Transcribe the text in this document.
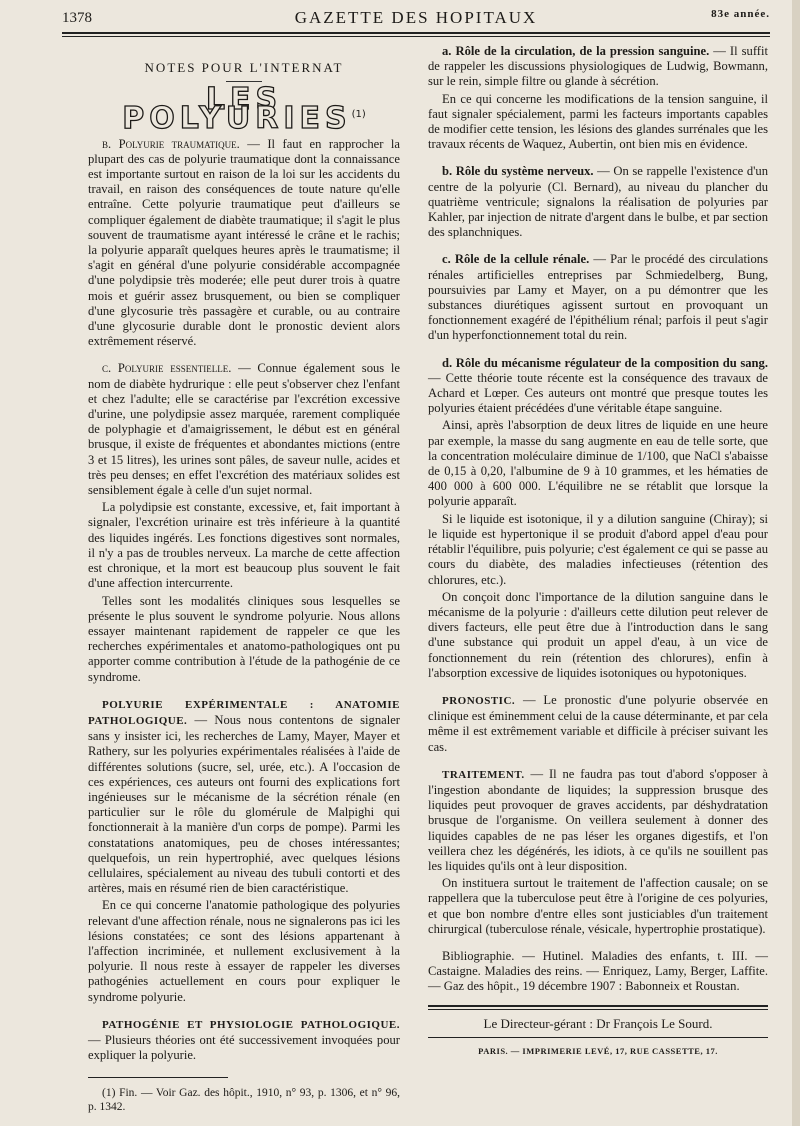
1378	GAZETTE DES HOPITAUX	83e année.
NOTES POUR L'INTERNAT
LES POLYURIES$^{(1)}$

b. Polyurie traumatique. — Il faut en rapprocher la plupart des cas de polyurie traumatique dont la connaissance est importante surtout en raison de la loi sur les accidents du travail, en raison des conséquences de toute nature qu'elle entraîne. Cette polyurie traumatique peut d'ailleurs se compliquer également de diabète traumatique; il s'agit le plus souvent de traumatisme ayant intéressé le crâne et le rachis; la polyurie apparaît quelques heures après le traumatisme; il s'agit en général d'une polyurie considérable accompagnée d'une polydipsie très moderée; elle peut durer trois à quatre mois et guérir assez brusquement, ou bien se compliquer d'une glycosurie très passagère et curable, ou au contraire d'une glycosurie durable dont le pronostic devient alors extrêmement réservé.

c. Polyurie essentielle. — Connue également sous le nom de diabète hydrurique : elle peut s'observer chez l'enfant et chez l'adulte; elle se caractérise par l'excrétion excessive d'urine, une polydipsie assez marquée, rarement compliquée de polyphagie et d'amaigrissement, le début est en général brusque, il existe de fréquentes et abondantes mictions (entre 3 et 15 litres), les urines sont pâles, de saveur nulle, acides et très peu denses; en effet l'excrétion des matériaux solides est sensiblement égale à celle d'un sujet normal.

La polydipsie est constante, excessive, et, fait important à signaler, l'excrétion urinaire est très inférieure à la quantité des liquides ingérés. Les fonctions digestives sont normales, il n'y a pas de troubles nerveux. La marche de cette affection est chronique, et la mort est beaucoup plus souvent le fait d'une affection intercurrente.

Telles sont les modalités cliniques sous lesquelles se présente le plus souvent le syndrome polyurie. Nous allons essayer maintenant rapidement de rappeler ce que les recherches expérimentales et anatomo-pathologiques ont pu apporter comme contribution à l'étude de la pathogénie de ce syndrome.

POLYURIE EXPÉRIMENTALE : ANATOMIE PATHOLOGIQUE. — Nous nous contentons de signaler sans y insister ici, les recherches de Lamy, Mayer, Mayer et Rathery, sur les polyuries expérimentales réalisées à l'aide de différentes solutions (sucre, sel, urée, etc.). A l'occasion de ces expériences, ces auteurs ont fourni des explications fort ingénieuses sur le mécanisme de la sécrétion rénale (en particulier sur le rôle du glomérule de Malpighi qui fonctionnerait à la manière d'un corps de pompe). Parmi les constatations anatomiques, peu de choses intéressantes; quelquefois, un rein hypertrophié, avec quelques lésions cellulaires, spécialement au niveau des tubuli contorti et des artères, mais en résumé rien de bien caractéristique.

En ce qui concerne l'anatomie pathologique des polyuries relevant d'une affection rénale, nous ne signalerons pas ici les lésions constatées; ce sont des lésions appartenant à l'affection incriminée, et nullement exclusivement à la polyurie. Il nous reste à essayer de rappeler les diverses pathogénies actuellement en cours pour expliquer le syndrome polyurie.

PATHOGÉNIE ET PHYSIOLOGIE PATHOLOGIQUE. — Plusieurs théories ont été successivement invoquées pour expliquer la polyurie.

(1) Fin. — Voir Gaz. des hôpit., 1910, n° 93, p. 1306, et n° 96, p. 1342.

a. Rôle de la circulation, de la pression sanguine. — Il suffit de rappeler les discussions physiologiques de Ludwig, Bowmann, sur le rein, simple filtre ou glande à sécrétion.

En ce qui concerne les modifications de la tension sanguine, il faut signaler spécialement, parmi les facteurs importants capables de modifier cette tension, les lésions des glandes surrénales que les travaux récents de Waquez, Aubertin, ont bien mis en évidence.

b. Rôle du système nerveux. — On se rappelle l'existence d'un centre de la polyurie (Cl. Bernard), au niveau du plancher du quatrième ventricule; signalons la réalisation de polyuries par Kahler, par injection de nitrate d'argent dans le bulbe, et par section des splanchniques.

c. Rôle de la cellule rénale. — Par le procédé des circulations rénales artificielles entreprises par Schmiedelberg, Bung, poursuivies par Lamy et Mayer, on a pu démontrer que les substances diurétiques agissent surtout en provoquant un fonctionnement exagéré de l'épithélium rénal; parfois il peut s'agir d'un hyperfonctionnement total du rein.

d. Rôle du mécanisme régulateur de la composition du sang. — Cette théorie toute récente est la conséquence des travaux de Achard et Lœper. Ces auteurs ont montré que presque toutes les polyuries étaient précédées d'une véritable étape sanguine.

Ainsi, après l'absorption de deux litres de liquide en une heure par exemple, la masse du sang augmente en eau de telle sorte, que la concentration moléculaire diminue de 1/100, que NaCl s'abaisse de 0,15 à 0,20, l'albumine de 9 à 10 grammes, et les hématies de 400 000 à 600 000. L'équilibre ne se rétablit que lorsque la polyurie apparaît.

Si le liquide est isotonique, il y a dilution sanguine (Chiray); si le liquide est hypertonique il se produit d'abord appel d'eau pour rétablir l'équilibre, puis polyurie; c'est également ce qui se passe au cours du diabète, des maladies infectieuses (rétention des chlorures, etc.).

On conçoit donc l'importance de la dilution sanguine dans le mécanisme de la polyurie : d'ailleurs cette dilution peut relever de divers facteurs, elle peut être due à l'introduction dans le sang d'une substance qui produit un appel d'eau, à un vice de fonctionnement du rein (rétention des chlorures), enfin à l'absorption excessive de liquides isotoniques ou hypotoniques.

PRONOSTIC. — Le pronostic d'une polyurie observée en clinique est éminemment celui de la cause déterminante, et par cela même il est extrêmement variable et difficile à préciser suivant les cas.

TRAITEMENT. — Il ne faudra pas tout d'abord s'opposer à l'ingestion abondante de liquides; la suppression brusque des liquides peut provoquer de graves accidents, par déshydratation brusque de l'organisme. On veillera seulement à donner des liquides capables de ne pas léser les organes digestifs, et l'on veillera chez les dégénérés, les idiots, à ce qu'ils ne souillent pas les liquides qu'ils ont à leur disposition.

On instituera surtout le traitement de l'affection causale; on se rappellera que la tuberculose peut être à l'origine de ces polyuries, et que bon nombre d'entre elles sont justiciables d'un traitement chirurgical (tuberculose rénale, vésicale, hypertrophie prostatique).

Bibliographie. — Hutinel. Maladies des enfants, t. III. — Castaigne. Maladies des reins. — Enriquez, Lamy, Berger, Laffite. — Gaz des hôpit., 19 décembre 1907 : Babonneix et Roustan.

Le Directeur-gérant : Dr François Le Sourd.
PARIS. — IMPRIMERIE LEVÉ, 17, RUE CASSETTE, 17.
